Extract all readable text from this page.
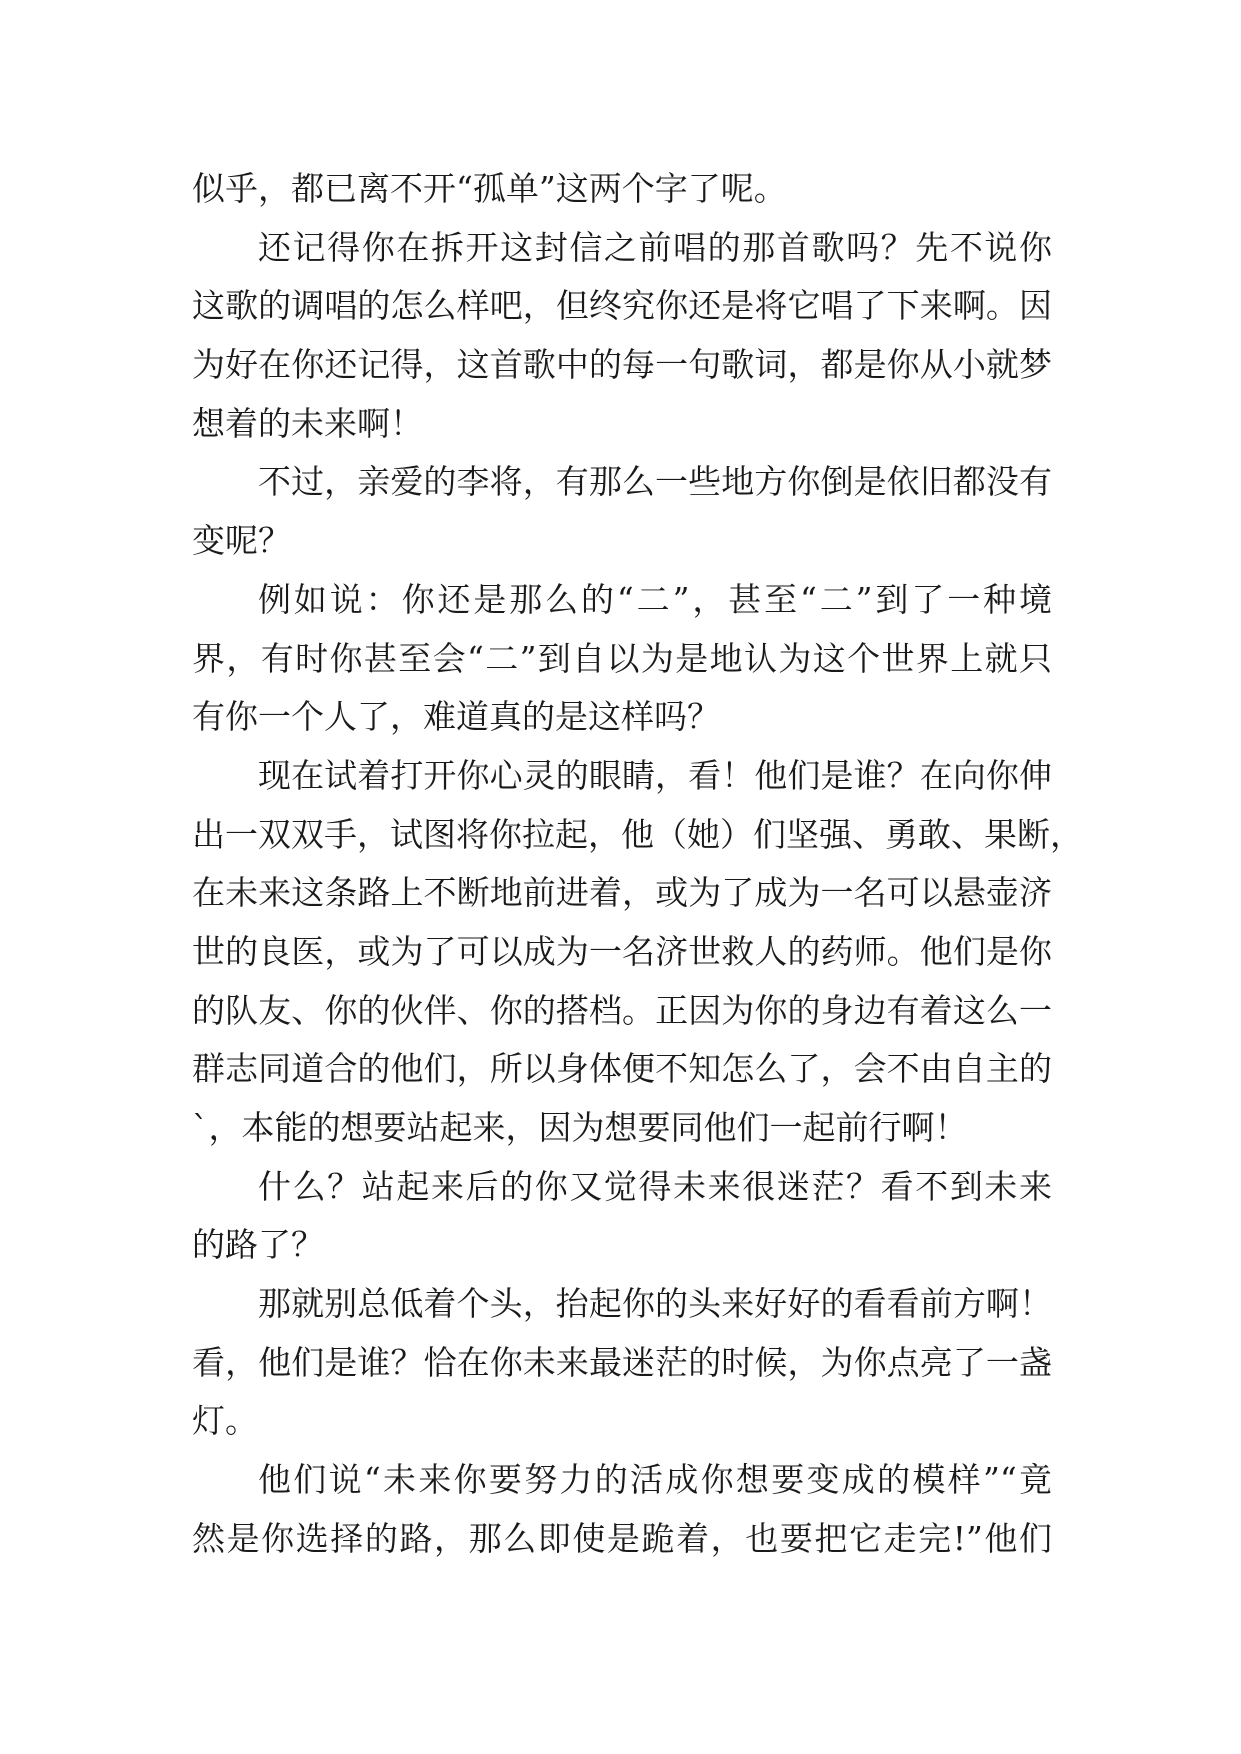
似乎，都已离不开“孤单”这两个字了呢。
还记得你在拆开这封信之前唱的那首歌吗？先不说你
这歌的调唱的怎么样吧，但终究你还是将它唱了下来啊。因
为好在你还记得，这首歌中的每一句歌词，都是你从小就梦
想着的未来啊！
不过，亲爱的李将，有那么一些地方你倒是依旧都没有
变呢？
例如说：你还是那么的“二”，甚至“二”到了一种境
界，有时你甚至会“二”到自以为是地认为这个世界上就只
有你一个人了，难道真的是这样吗？
现在试着打开你心灵的眼睛，看！他们是谁？在向你伸
出一双双手，试图将你拉起，他（她）们坚强、勇敢、果断，
在未来这条路上不断地前进着，或为了成为一名可以悬壶济
世的良医，或为了可以成为一名济世救人的药师。他们是你
的队友、你的伙伴、你的搭档。正因为你的身边有着这么一
群志同道合的他们，所以身体便不知怎么了，会不由自主的
`，本能的想要站起来，因为想要同他们一起前行啊！
什么？站起来后的你又觉得未来很迷茫？看不到未来
的路了？
那就别总低着个头，抬起你的头来好好的看看前方啊！
看，他们是谁？恰在你未来最迷茫的时候，为你点亮了一盏
灯。
他们说“未来你要努力的活成你想要变成的模样”“竟
然是你选择的路，那么即使是跪着，也要把它走完!”他们
